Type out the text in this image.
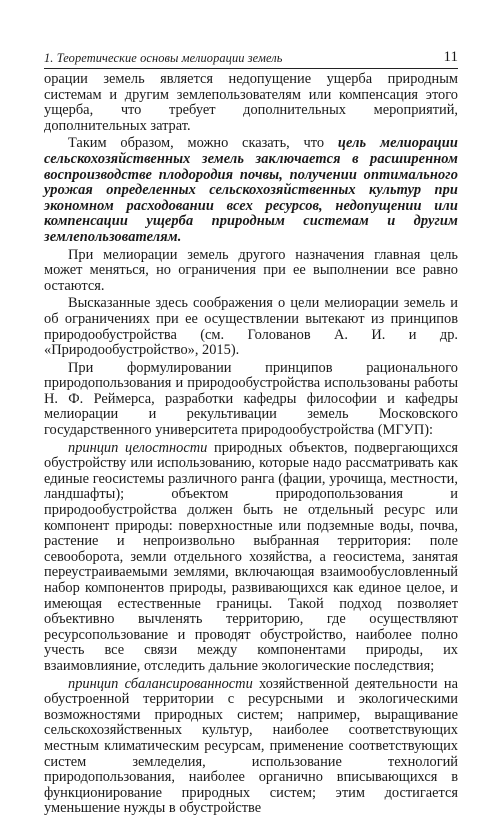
1. Теоретические основы мелиорации земель	11

орации земель является недопущение ущерба природным системам и другим землепользователям или компенсация этого ущерба, что требует дополнительных мероприятий, дополнительных затрат.

Таким образом, можно сказать, что цель мелиорации сельскохозяйственных земель заключается в расширенном воспроизводстве плодородия почвы, получении оптимального урожая определенных сельскохозяйственных культур при экономном расходовании всех ресурсов, недопущении или компенсации ущерба природным системам и другим землепользователям.

При мелиорации земель другого назначения главная цель может меняться, но ограничения при ее выполнении все равно остаются.

Высказанные здесь соображения о цели мелиорации земель и об ограничениях при ее осуществлении вытекают из принципов природообустройства (см. Голованов А. И. и др. «Природообустройство», 2015).

При формулировании принципов рационального природопользования и природообустройства использованы работы Н. Ф. Реймерса, разработки кафедры философии и кафедры мелиорации и рекультивации земель Московского государственного университета природообустройства (МГУП):

принцип целостности природных объектов, подвергающихся обустройству или использованию, которые надо рассматривать как единые геосистемы различного ранга (фации, урочища, местности, ландшафты); объектом природопользования и природообустройства должен быть не отдельный ресурс или компонент природы: поверхностные или подземные воды, почва, растение и непроизвольно выбранная территория: поле севооборота, земли отдельного хозяйства, а геосистема, занятая переустраиваемыми землями, включающая взаимообусловленный набор компонентов природы, развивающихся как единое целое, и имеющая естественные границы. Такой подход позволяет объективно вычленять территорию, где осуществляют ресурсопользование и проводят обустройство, наиболее полно учесть все связи между компонентами природы, их взаимовлияние, отследить дальние экологические последствия;

принцип сбалансированности хозяйственной деятельности на обустроенной территории с ресурсными и экологическими возможностями природных систем; например, выращивание сельскохозяйственных культур, наиболее соответствующих местным климатическим ресурсам, применение соответствующих систем земледелия, использование технологий природопользования, наиболее органично вписывающихся в функционирование природных систем; этим достигается уменьшение нужды в обустройстве
